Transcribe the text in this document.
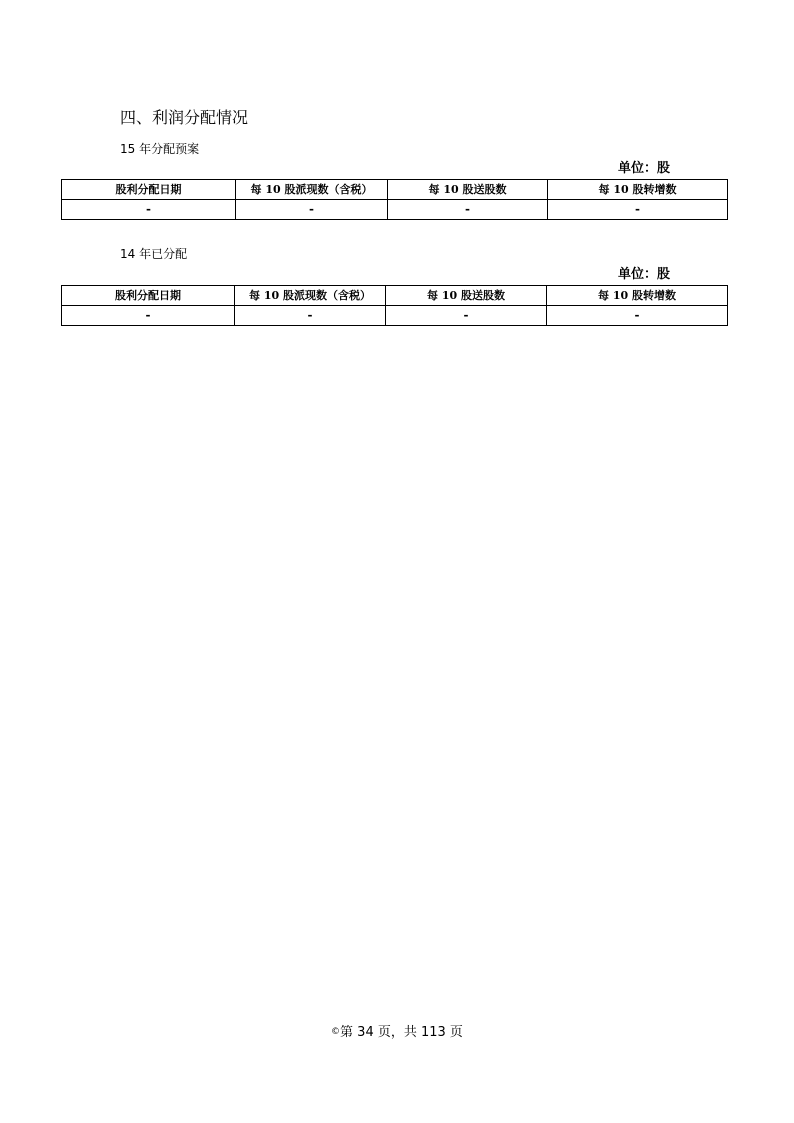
四、利润分配情况
15 年分配预案
单位：股
股利分配日期	每 10 股派现数（含税）	每 10 股送股数	每 10 股转增数
-	-	-	-
14 年已分配
单位：股
股利分配日期	每 10 股派现数（含税）	每 10 股送股数	每 10 股转增数
-	-	-	-
©第 34 页，共 113 页
